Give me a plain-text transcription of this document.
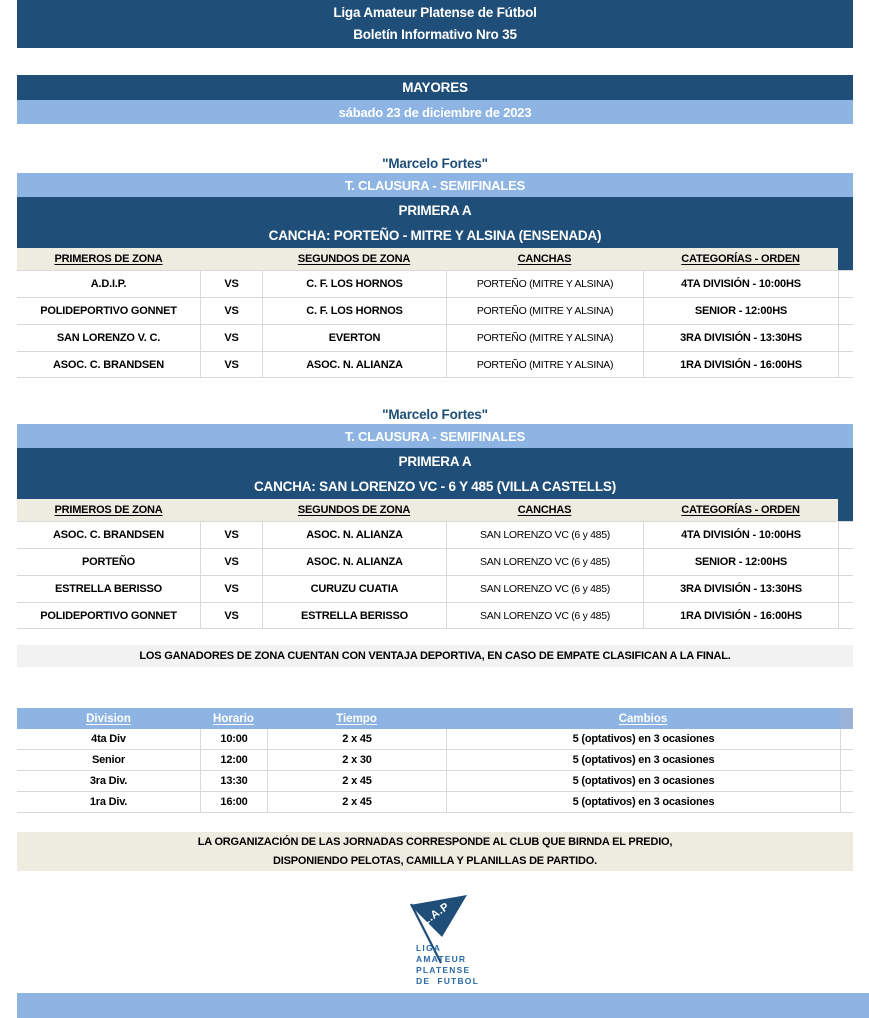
Liga Amateur Platense de Fútbol
Boletín Informativo Nro 35
MAYORES
sábado 23 de diciembre de 2023
"Marcelo Fortes"
T. CLAUSURA - SEMIFINALES
PRIMERA A
CANCHA: PORTEÑO - MITRE Y ALSINA (ENSENADA)
PRIMEROS DE ZONA	SEGUNDOS DE ZONA	CANCHAS	CATEGORÍAS - ORDEN
A.D.I.P.	VS	C. F. LOS HORNOS	PORTEÑO (MITRE Y ALSINA)	4TA DIVISIÓN - 10:00HS
POLIDEPORTIVO GONNET	VS	C. F. LOS HORNOS	PORTEÑO (MITRE Y ALSINA)	SENIOR - 12:00HS
SAN LORENZO V. C.	VS	EVERTON	PORTEÑO (MITRE Y ALSINA)	3RA DIVISIÓN - 13:30HS
ASOC. C. BRANDSEN	VS	ASOC. N. ALIANZA	PORTEÑO (MITRE Y ALSINA)	1RA DIVISIÓN - 16:00HS
"Marcelo Fortes"
T. CLAUSURA - SEMIFINALES
PRIMERA A
CANCHA: SAN LORENZO VC - 6 Y 485 (VILLA CASTELLS)
PRIMEROS DE ZONA	SEGUNDOS DE ZONA	CANCHAS	CATEGORÍAS - ORDEN
ASOC. C. BRANDSEN	VS	ASOC. N. ALIANZA	SAN LORENZO VC (6 y 485)	4TA DIVISIÓN - 10:00HS
PORTEÑO	VS	ASOC. N. ALIANZA	SAN LORENZO VC (6 y 485)	SENIOR - 12:00HS
ESTRELLA BERISSO	VS	CURUZU CUATIA	SAN LORENZO VC (6 y 485)	3RA DIVISIÓN - 13:30HS
POLIDEPORTIVO GONNET	VS	ESTRELLA BERISSO	SAN LORENZO VC (6 y 485)	1RA DIVISIÓN - 16:00HS
LOS GANADORES DE ZONA CUENTAN CON VENTAJA DEPORTIVA, EN CASO DE EMPATE CLASIFICAN A LA FINAL.
Division	Horario	Tiempo	Cambios
4ta Div	10:00	2 x 45	5 (optativos) en 3 ocasiones
Senior	12:00	2 x 30	5 (optativos) en 3 ocasiones
3ra Div.	13:30	2 x 45	5 (optativos) en 3 ocasiones
1ra Div.	16:00	2 x 45	5 (optativos) en 3 ocasiones
LA ORGANIZACIÓN DE LAS JORNADAS CORRESPONDE AL CLUB QUE BIRNDA EL PREDIO,
DISPONIENDO PELOTAS, CAMILLA Y PLANILLAS DE PARTIDO.
L.A.P
LIGA
AMATEUR
PLATENSE
DE  FUTBOL
